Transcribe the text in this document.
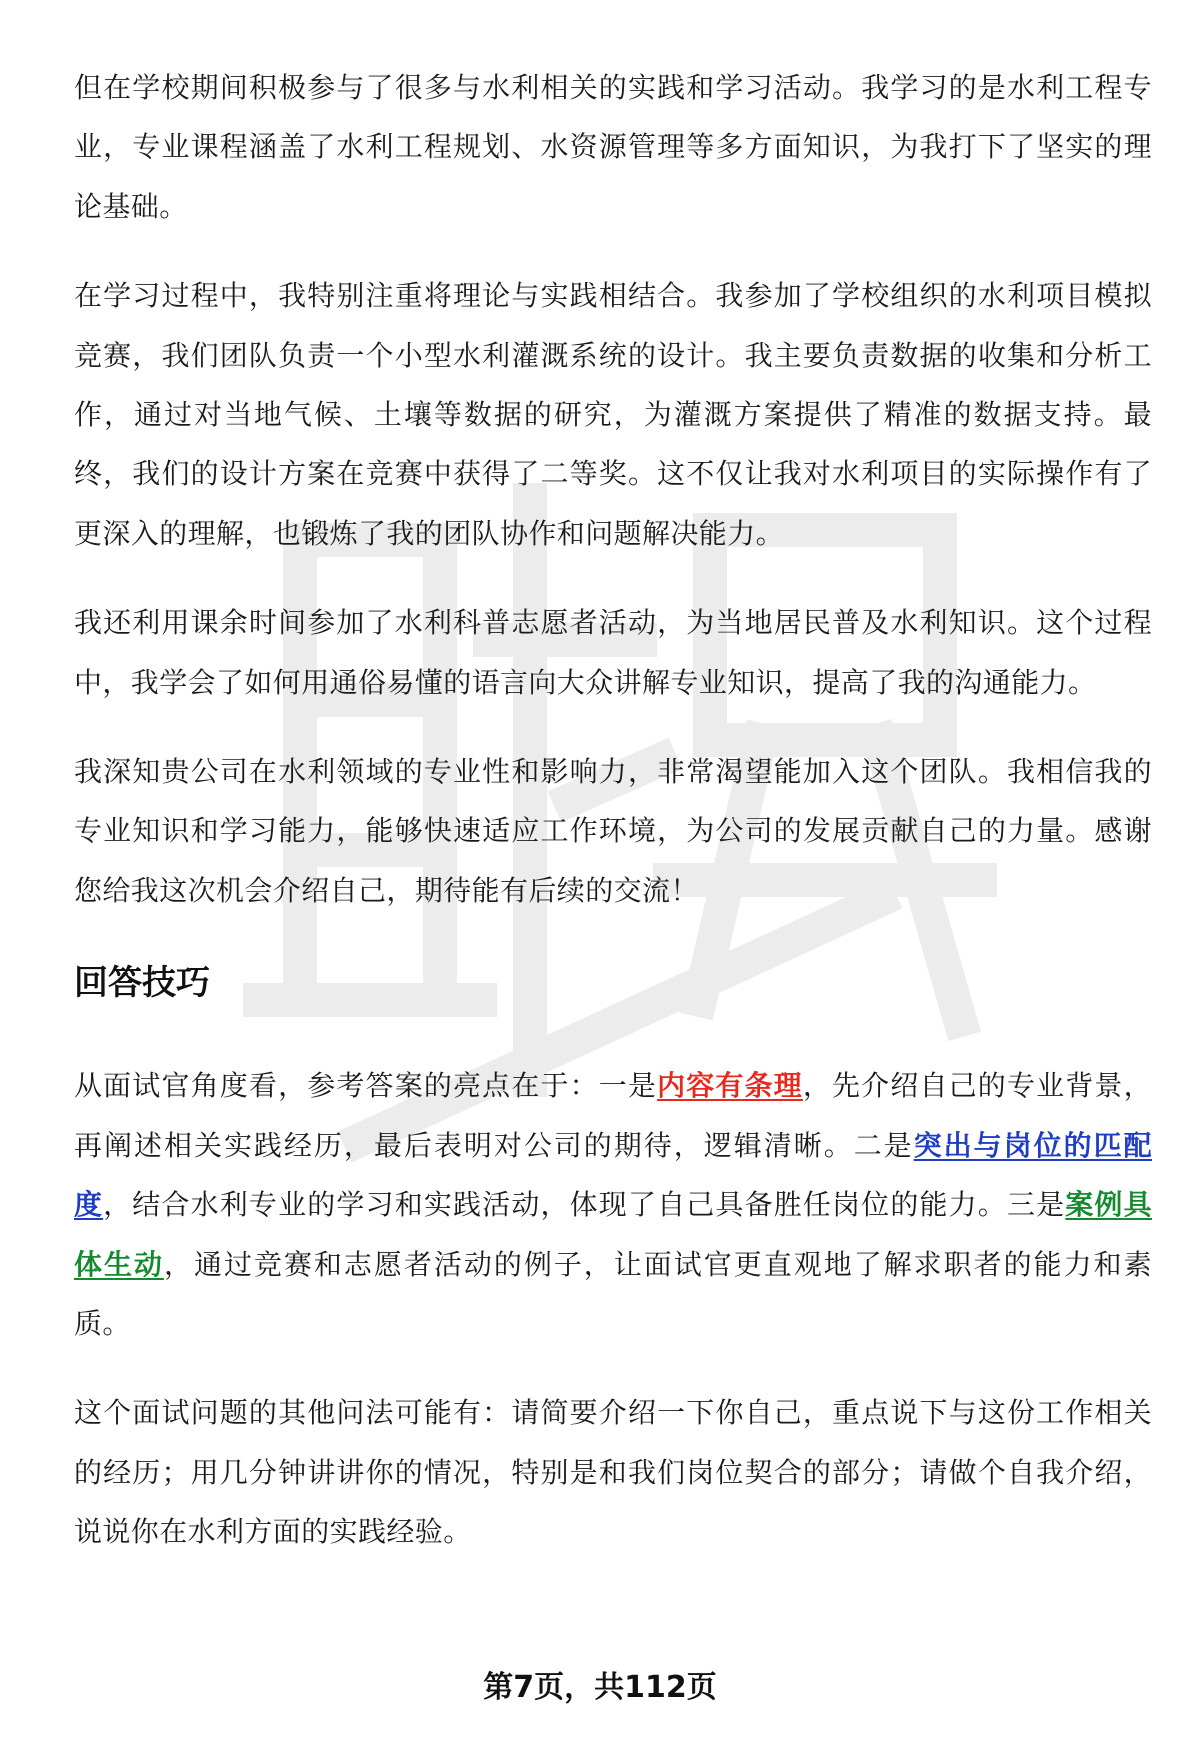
但在学校期间积极参与了很多与水利相关的实践和学习活动。我学习的是水利工程专业，专业课程涵盖了水利工程规划、水资源管理等多方面知识，为我打下了坚实的理论基础。

在学习过程中，我特别注重将理论与实践相结合。我参加了学校组织的水利项目模拟竞赛，我们团队负责一个小型水利灌溉系统的设计。我主要负责数据的收集和分析工作，通过对当地气候、土壤等数据的研究，为灌溉方案提供了精准的数据支持。最终，我们的设计方案在竞赛中获得了二等奖。这不仅让我对水利项目的实际操作有了更深入的理解，也锻炼了我的团队协作和问题解决能力。

我还利用课余时间参加了水利科普志愿者活动，为当地居民普及水利知识。这个过程中，我学会了如何用通俗易懂的语言向大众讲解专业知识，提高了我的沟通能力。

我深知贵公司在水利领域的专业性和影响力，非常渴望能加入这个团队。我相信我的专业知识和学习能力，能够快速适应工作环境，为公司的发展贡献自己的力量。感谢您给我这次机会介绍自己，期待能有后续的交流！

回答技巧

从面试官角度看，参考答案的亮点在于：一是内容有条理，先介绍自己的专业背景，再阐述相关实践经历，最后表明对公司的期待，逻辑清晰。二是突出与岗位的匹配度，结合水利专业的学习和实践活动，体现了自己具备胜任岗位的能力。三是案例具体生动，通过竞赛和志愿者活动的例子，让面试官更直观地了解求职者的能力和素质。

这个面试问题的其他问法可能有：请简要介绍一下你自己，重点说下与这份工作相关的经历；用几分钟讲讲你的情况，特别是和我们岗位契合的部分；请做个自我介绍，说说你在水利方面的实践经验。

第7页，共112页
